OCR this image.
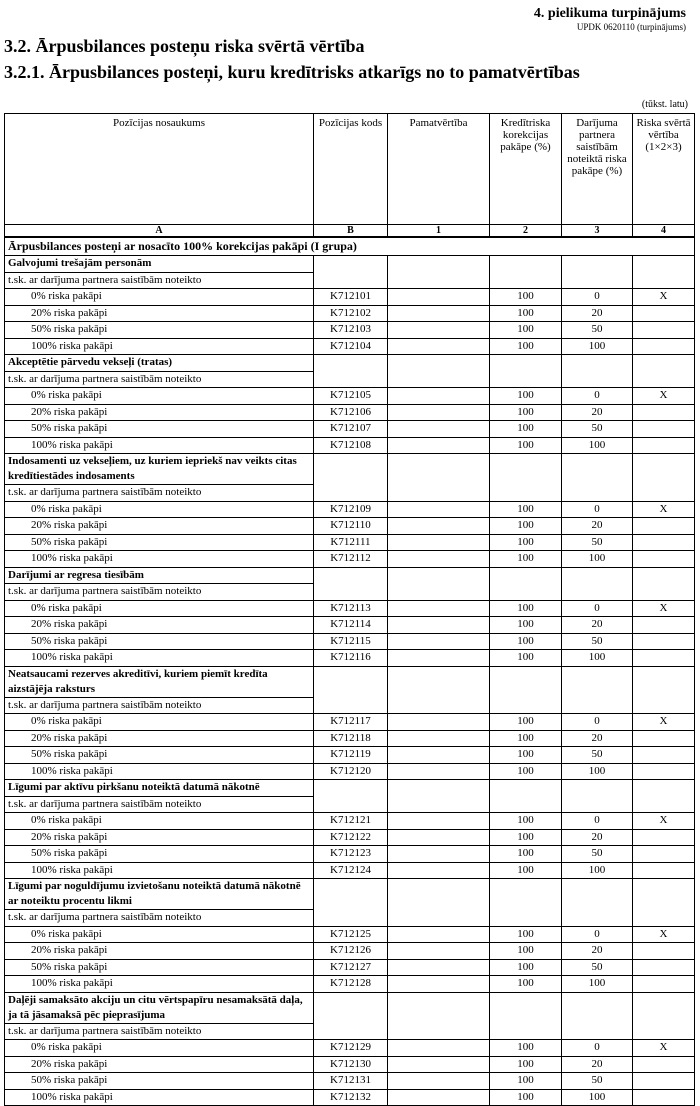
4. pielikuma turpinājums
UPDK 0620110 (turpinājums)
3.2. Ārpusbilances posteņu riska svērtā vērtība
3.2.1. Ārpusbilances posteņi, kuru kredītrisks atkarīgs no to pamatvērtības
(tūkst. latu)
Pozīcijas nosaukums	Pozīcijas kods	Pamatvērtība	Kredītriska korekcijas pakāpe (%)	Darījuma partnera saistībām noteiktā riska pakāpe (%)	Riska svērtā vērtība (1×2×3)
A	B	1	2	3	4
Ārpusbilances posteņi ar nosacīto 100% korekcijas pakāpi (I grupa)					
Galvojumi trešajām personām					
t.sk. ar darījuma partnera saistībām noteikto					
0% riska pakāpi	K712101		100	0	X
20% riska pakāpi	K712102		100	20	
50% riska pakāpi	K712103		100	50	
100% riska pakāpi	K712104		100	100	
Akceptētie pārvedu vekseļi (tratas)					
t.sk. ar darījuma partnera saistībām noteikto					
0% riska pakāpi	K712105		100	0	X
20% riska pakāpi	K712106		100	20	
50% riska pakāpi	K712107		100	50	
100% riska pakāpi	K712108		100	100	
Indosamenti uz vekseļiem, uz kuriem iepriekš nav veikts citas kredītiestādes indosaments					
t.sk. ar darījuma partnera saistībām noteikto					
0% riska pakāpi	K712109		100	0	X
20% riska pakāpi	K712110		100	20	
50% riska pakāpi	K712111		100	50	
100% riska pakāpi	K712112		100	100	
Darījumi ar regresa tiesībām					
t.sk. ar darījuma partnera saistībām noteikto					
0% riska pakāpi	K712113		100	0	X
20% riska pakāpi	K712114		100	20	
50% riska pakāpi	K712115		100	50	
100% riska pakāpi	K712116		100	100	
Neatsaucami rezerves akreditīvi, kuriem piemīt kredīta aizstājēja raksturs					
t.sk. ar darījuma partnera saistībām noteikto					
0% riska pakāpi	K712117		100	0	X
20% riska pakāpi	K712118		100	20	
50% riska pakāpi	K712119		100	50	
100% riska pakāpi	K712120		100	100	
Līgumi par aktīvu pirkšanu noteiktā datumā nākotnē					
t.sk. ar darījuma partnera saistībām noteikto					
0% riska pakāpi	K712121		100	0	X
20% riska pakāpi	K712122		100	20	
50% riska pakāpi	K712123		100	50	
100% riska pakāpi	K712124		100	100	
Līgumi par noguldījumu izvietošanu noteiktā datumā nākotnē ar noteiktu procentu likmi					
t.sk. ar darījuma partnera saistībām noteikto					
0% riska pakāpi	K712125		100	0	X
20% riska pakāpi	K712126		100	20	
50% riska pakāpi	K712127		100	50	
100% riska pakāpi	K712128		100	100	
Daļēji samaksāto akciju un citu vērtspapīru nesamaksātā daļa, ja tā jāsamaksā pēc pieprasījuma					
t.sk. ar darījuma partnera saistībām noteikto					
0% riska pakāpi	K712129		100	0	X
20% riska pakāpi	K712130		100	20	
50% riska pakāpi	K712131		100	50	
100% riska pakāpi	K712132		100	100	
